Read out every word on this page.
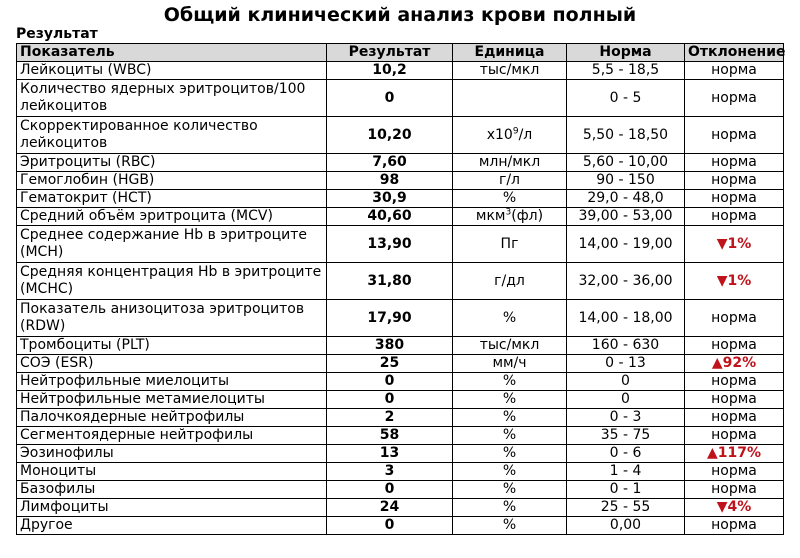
Общий клинический анализ крови полный
Результат
Показатель	Результат	Единица	Норма	Отклонение
Лейкоциты (WBC)	10,2	тыс/мкл	5,5 - 18,5	норма
Количество ядерных эритроцитов/100 лейкоцитов	0		0 - 5	норма
Скорректированное количество лейкоцитов	10,20	$x10^9/л$	5,50 - 18,50	норма
Эритроциты (RBC)	7,60	млн/мкл	5,60 - 10,00	норма
Гемоглобин (HGB)	98	г/л	90 - 150	норма
Гематокрит (HCT)	30,9	%	29,0 - 48,0	норма
Средний объём эритроцита (MCV)	40,60	мкм$^3$(фл)	39,00 - 53,00	норма
Среднее содержание Hb в эритроците (MCH)	13,90	Пг	14,00 - 19,00	▼1%
Средняя концентрация Hb в эритроците (MCHC)	31,80	г/дл	32,00 - 36,00	▼1%
Показатель анизоцитоза эритроцитов (RDW)	17,90	%	14,00 - 18,00	норма
Тромбоциты (PLT)	380	тыс/мкл	160 - 630	норма
СОЭ (ESR)	25	мм/ч	0 - 13	▲92%
Нейтрофильные миелоциты	0	%	0	норма
Нейтрофильные метамиелоциты	0	%	0	норма
Палочкоядерные нейтрофилы	2	%	0 - 3	норма
Сегментоядерные нейтрофилы	58	%	35 - 75	норма
Эозинофилы	13	%	0 - 6	▲117%
Моноциты	3	%	1 - 4	норма
Базофилы	0	%	0 - 1	норма
Лимфоциты	24	%	25 - 55	▼4%
Другое	0	%	0,00	норма
